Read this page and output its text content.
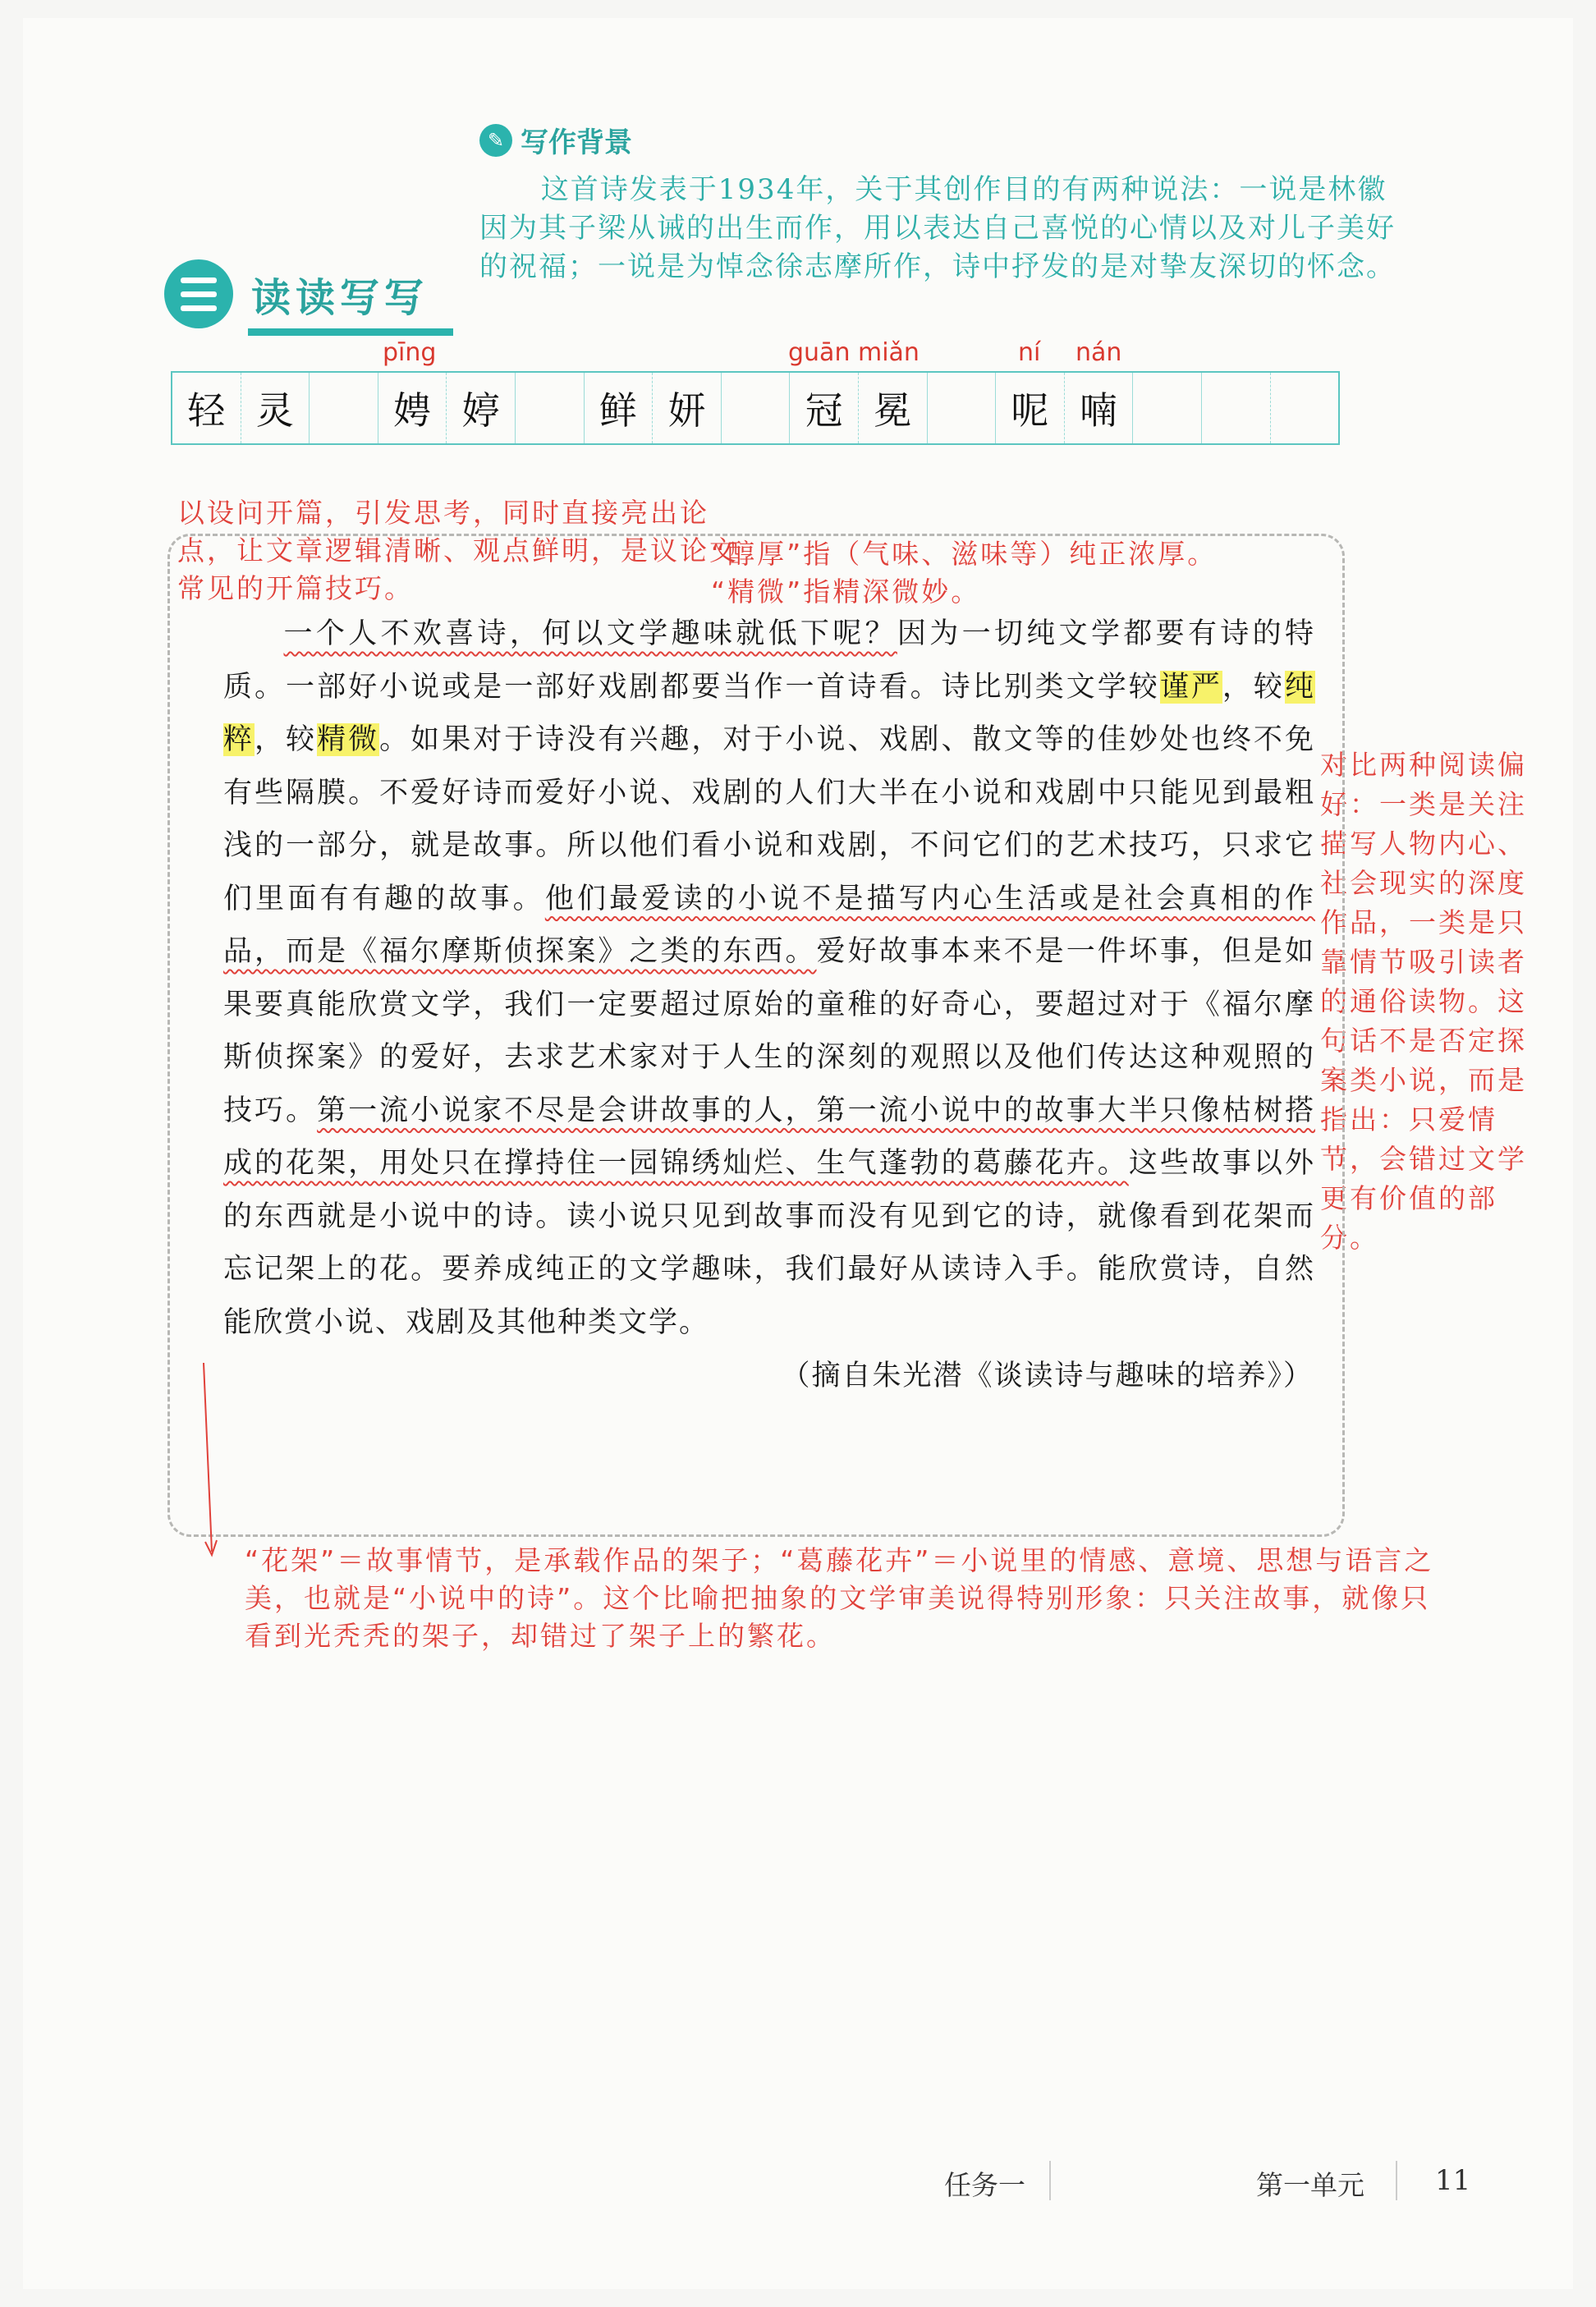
✎ 写作背景

这首诗发表于1934年，关于其创作目的有两种说法：一说是林徽因为其子梁从诫的出生而作，用以表达自己喜悦的心情以及对儿子美好的祝福；一说是为悼念徐志摩所作，诗中抒发的是对挚友深切的怀念。

读读写写
pīng	guān miǎn	ní nán
轻 灵	娉 婷	鲜 妍	冠 冕	呢 喃
以设问开篇，引发思考，同时直接亮出论点，让文章逻辑清晰、观点鲜明，是议论文常见的开篇技巧。
“醇厚”指（气味、滋味等）纯正浓厚。
“精微”指精深微妙。
对比两种阅读偏好：一类是关注描写人物内心、社会现实的深度作品，一类是只靠情节吸引读者的通俗读物。这句话不是否定探案类小说，而是指出：只爱情节，会错过文学更有价值的部分。

一个人不欢喜诗，何以文学趣味就低下呢？因为一切纯文学都要有诗的特质。一部好小说或是一部好戏剧都要当作一首诗看。诗比别类文学较谨严，较纯粹，较精微。如果对于诗没有兴趣，对于小说、戏剧、散文等的佳妙处也终不免有些隔膜。不爱好诗而爱好小说、戏剧的人们大半在小说和戏剧中只能见到最粗浅的一部分，就是故事。所以他们看小说和戏剧，不问它们的艺术技巧，只求它们里面有有趣的故事。他们最爱读的小说不是描写内心生活或是社会真相的作品，而是《福尔摩斯侦探案》之类的东西。爱好故事本来不是一件坏事，但是如果要真能欣赏文学，我们一定要超过原始的童稚的好奇心，要超过对于《福尔摩斯侦探案》的爱好，去求艺术家对于人生的深刻的观照以及他们传达这种观照的技巧。第一流小说家不尽是会讲故事的人，第一流小说中的故事大半只像枯树搭成的花架，用处只在撑持住一园锦绣灿烂、生气蓬勃的葛藤花卉。这些故事以外的东西就是小说中的诗。读小说只见到故事而没有见到它的诗，就像看到花架而忘记架上的花。要养成纯正的文学趣味，我们最好从读诗入手。能欣赏诗，自然能欣赏小说、戏剧及其他种类文学。

（摘自朱光潜《谈读诗与趣味的培养》）
“花架”＝故事情节，是承载作品的架子；“葛藤花卉”＝小说里的情感、意境、思想与语言之美，也就是“小说中的诗”。这个比喻把抽象的文学审美说得特别形象：只关注故事，就像只看到光秃秃的架子，却错过了架子上的繁花。
任务一	第一单元	11
